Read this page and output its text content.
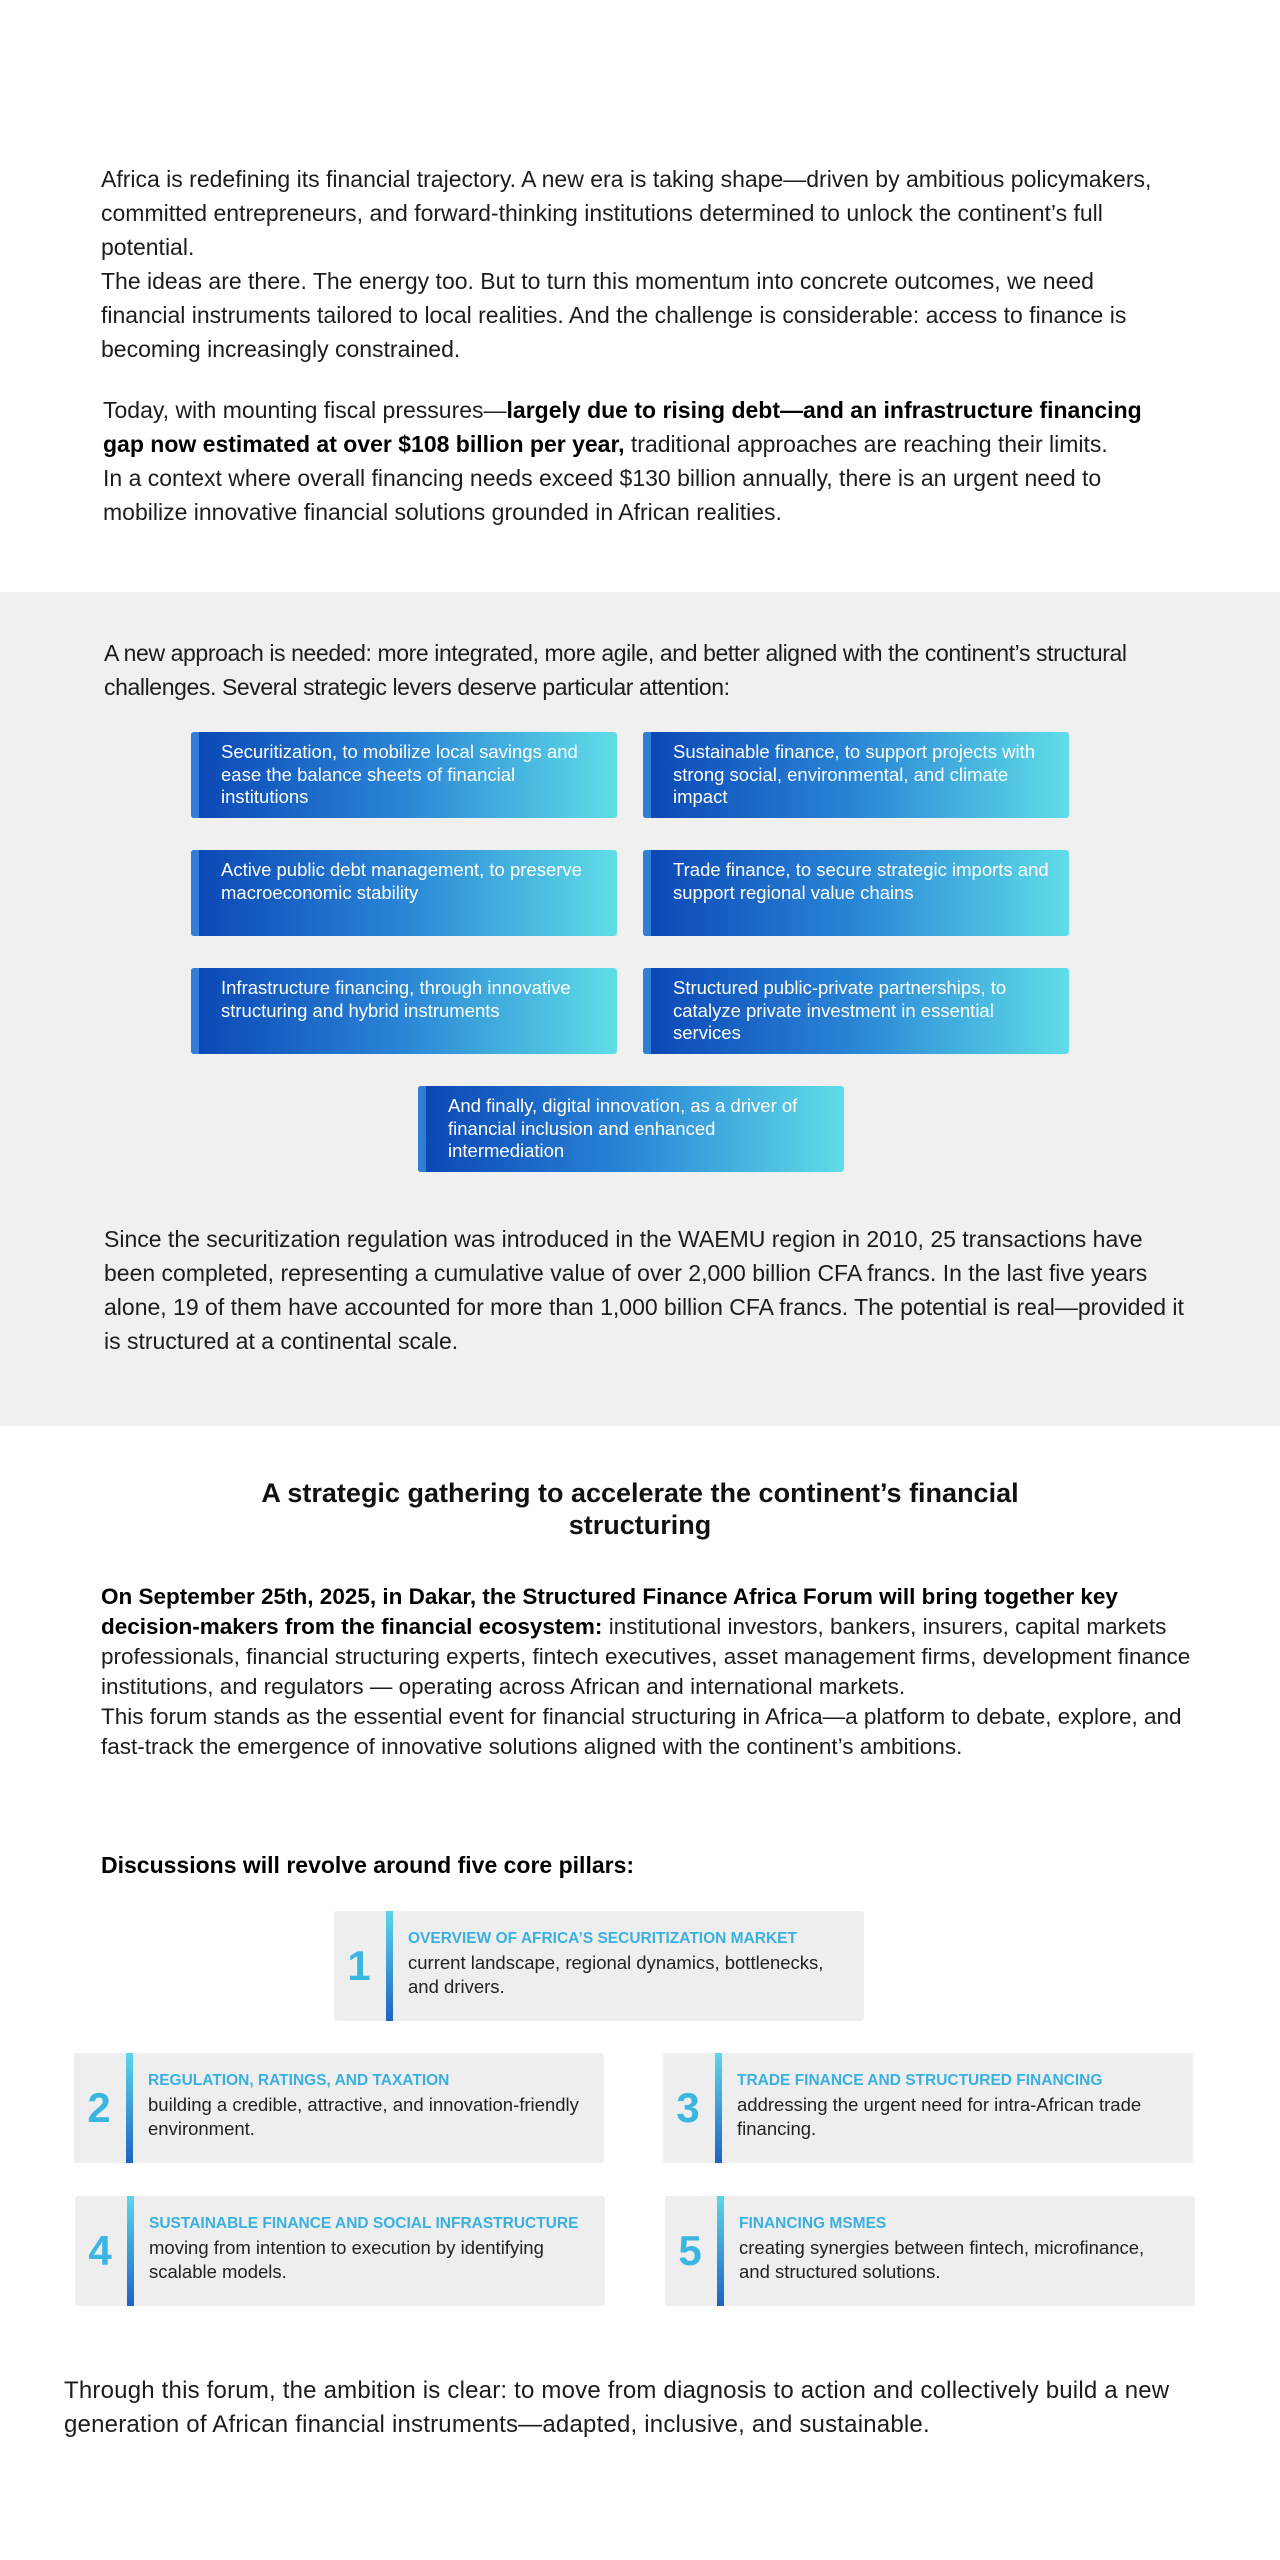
Africa is redefining its financial trajectory. A new era is taking shape—driven by ambitious policymakers, committed entrepreneurs, and forward-thinking institutions determined to unlock the continent’s full potential.

The ideas are there. The energy too. But to turn this momentum into concrete outcomes, we need financial instruments tailored to local realities. And the challenge is considerable: access to finance is becoming increasingly constrained.

Today, with mounting fiscal pressures—largely due to rising debt—and an infrastructure financing gap now estimated at over $108 billion per year, traditional approaches are reaching their limits.

In a context where overall financing needs exceed $130 billion annually, there is an urgent need to mobilize innovative financial solutions grounded in African realities.

A new approach is needed: more integrated, more agile, and better aligned with the continent’s structural challenges. Several strategic levers deserve particular attention:
Securitization, to mobilize local savings and ease the balance sheets of financial institutions
Sustainable finance, to support projects with strong social, environmental, and climate impact
Active public debt management, to preserve macroeconomic stability
Trade finance, to secure strategic imports and support regional value chains
Infrastructure financing, through innovative structuring and hybrid instruments
Structured public-private partnerships, to catalyze private investment in essential services
And finally, digital innovation, as a driver of financial inclusion and enhanced intermediation
Since the securitization regulation was introduced in the WAEMU region in 2010, 25 transactions have been completed, representing a cumulative value of over 2,000 billion CFA francs. In the last five years alone, 19 of them have accounted for more than 1,000 billion CFA francs. The potential is real—provided it is structured at a continental scale.
A strategic gathering to accelerate the continent’s financial structuring

On September 25th, 2025, in Dakar, the Structured Finance Africa Forum will bring together key decision-makers from the financial ecosystem: institutional investors, bankers, insurers, capital markets professionals, financial structuring experts, fintech executives, asset management firms, development finance institutions, and regulators — operating across African and international markets.

This forum stands as the essential event for financial structuring in Africa—a platform to debate, explore, and fast-track the emergence of innovative solutions aligned with the continent’s ambitions.

Discussions will revolve around five core pillars:
1
OVERVIEW OF AFRICA’S SECURITIZATION MARKET
current landscape, regional dynamics, bottlenecks, and drivers.
2
REGULATION, RATINGS, AND TAXATION
building a credible, attractive, and innovation-friendly environment.	3
TRADE FINANCE AND STRUCTURED FINANCING
addressing the urgent need for intra-African trade financing.
4
SUSTAINABLE FINANCE AND SOCIAL INFRASTRUCTURE
moving from intention to execution by identifying scalable models.	5
FINANCING MSMES
creating synergies between fintech, microfinance, and structured solutions.
Through this forum, the ambition is clear: to move from diagnosis to action and collectively build a new generation of African financial instruments—adapted, inclusive, and sustainable.
